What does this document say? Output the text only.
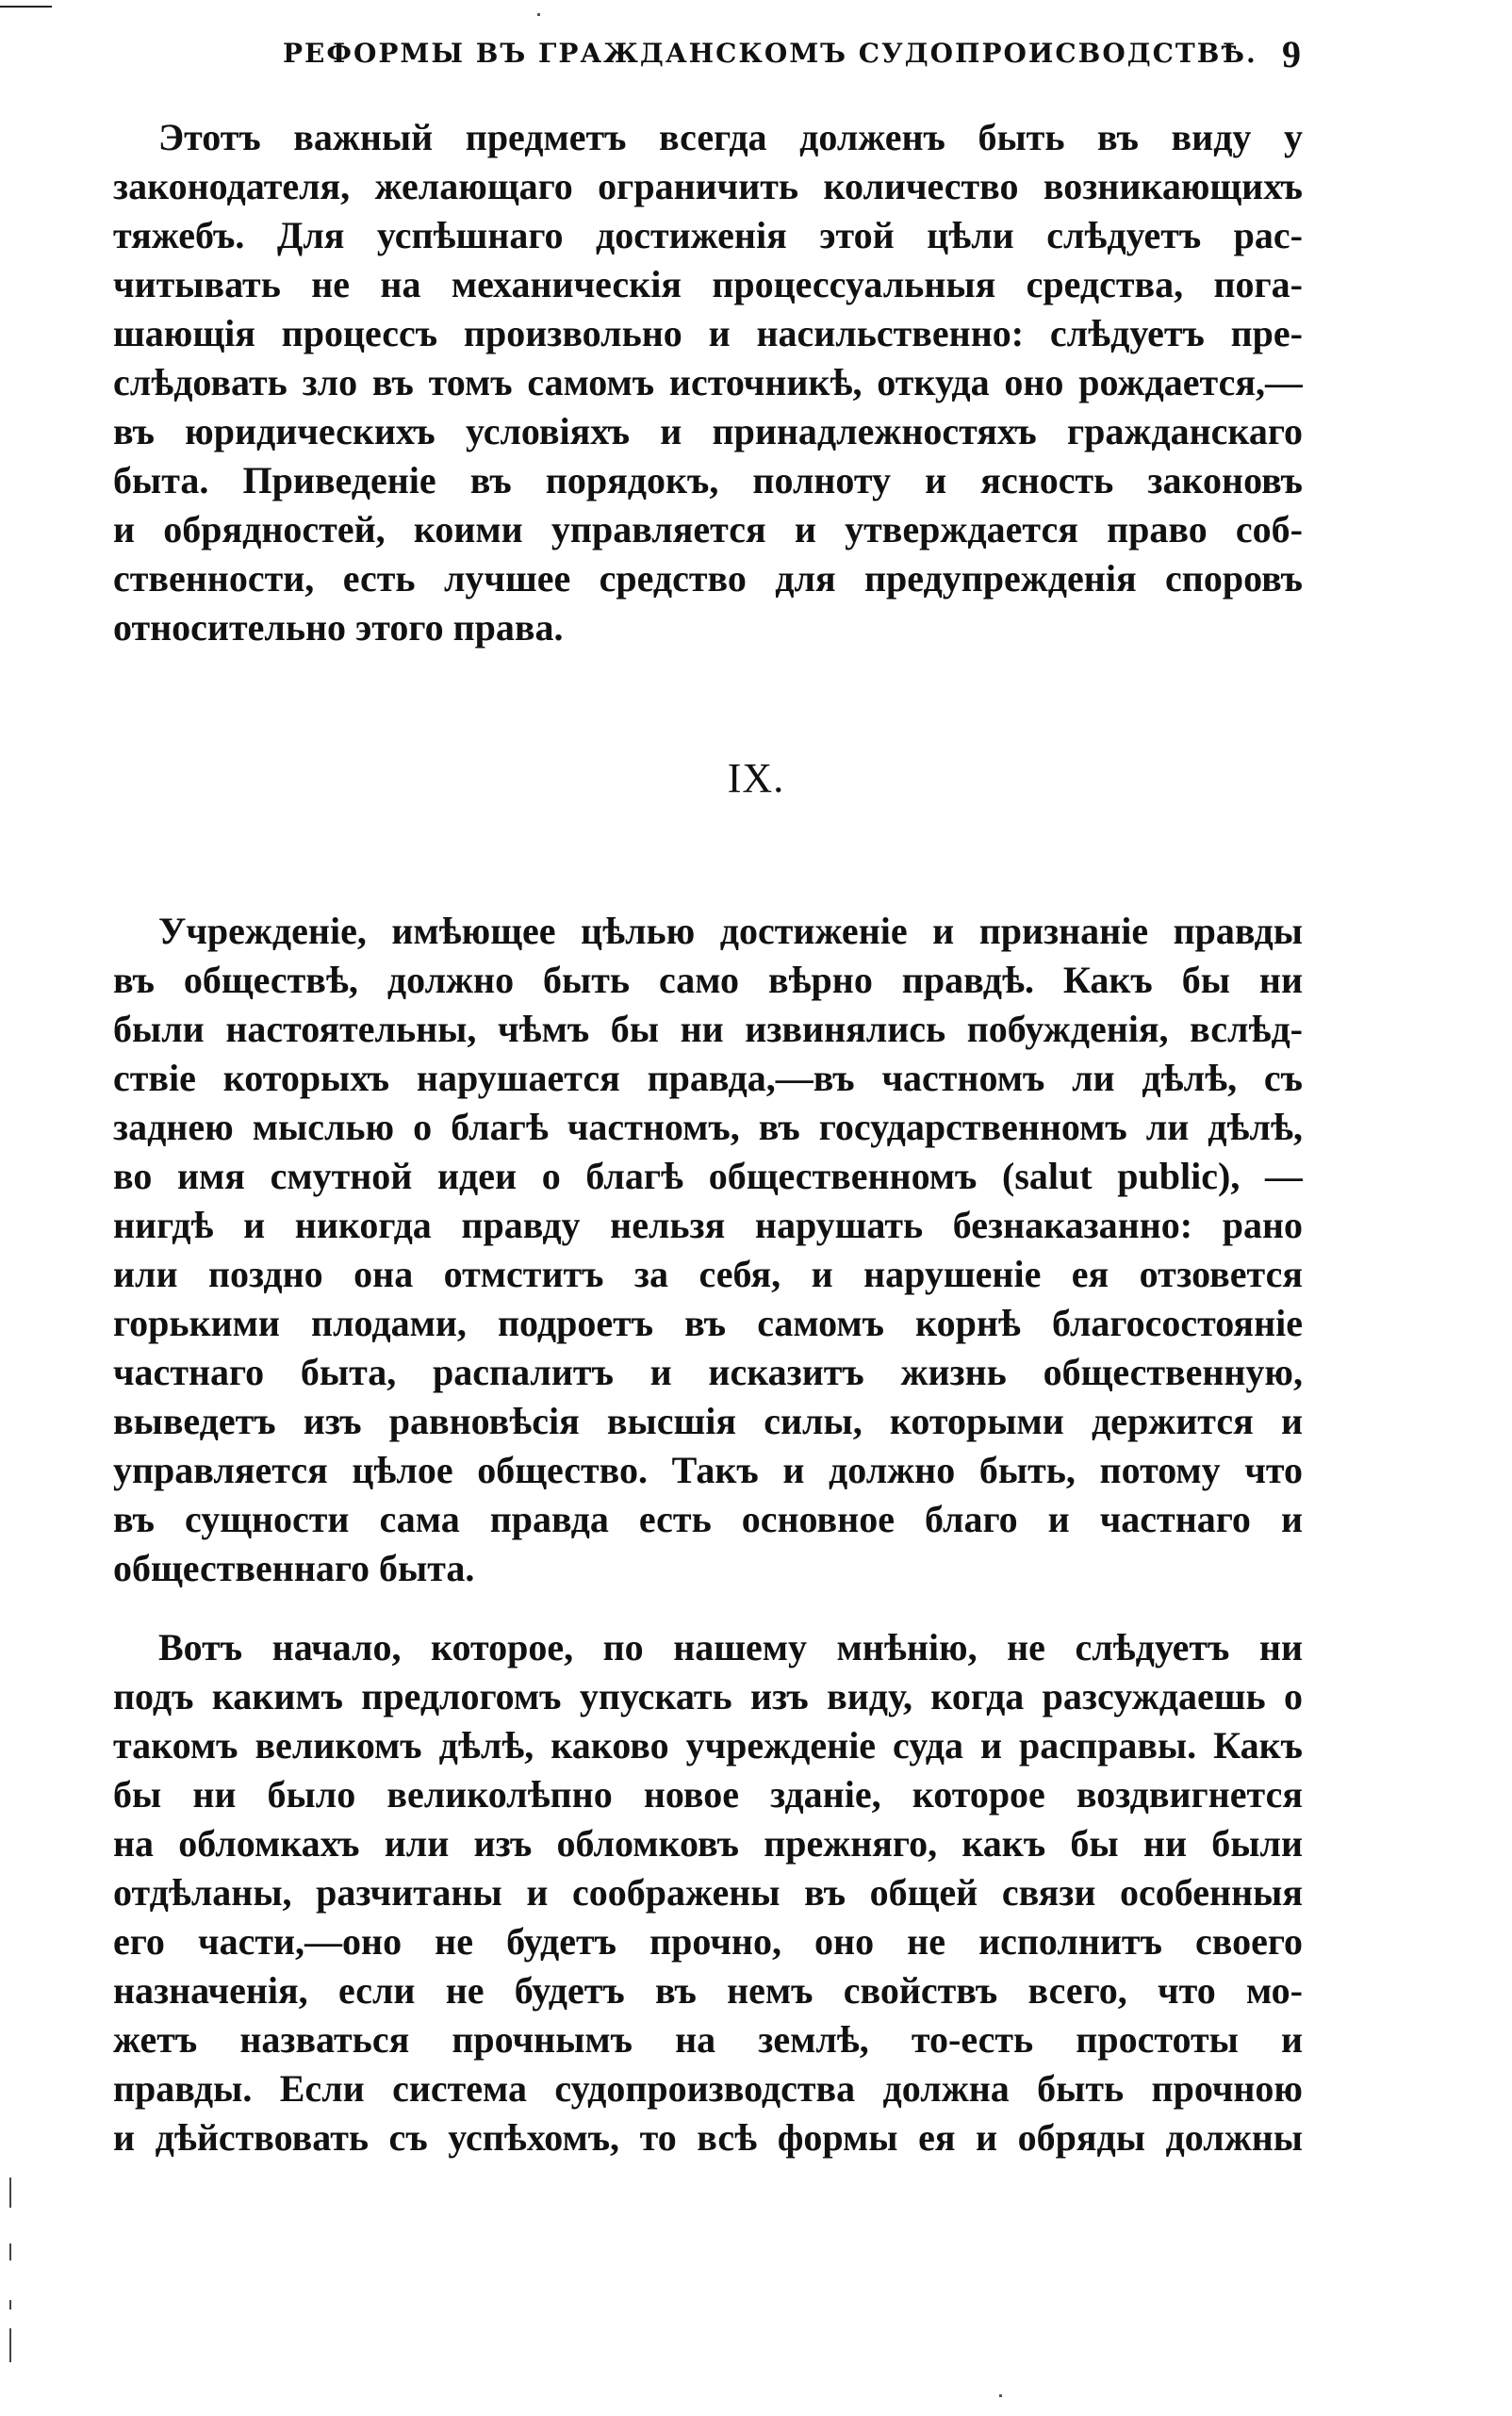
РЕФОРМЫ ВЪ ГРАЖДАНСКОМЪ СУДОПРОИСВОДСТВѢ. 9
Этотъ важный предметъ всегда долженъ быть въ виду у
законодателя, желающаго ограничить количество возникающихъ
тяжебъ. Для успѣшнаго достиженія этой цѣли слѣдуетъ рас-
читывать не на механическія процессуальныя средства, пога-
шающія процессъ произвольно и насильственно: слѣдуетъ пре-
слѣдовать зло въ томъ самомъ источникѣ, откуда оно рождается,—
въ юридическихъ условіяхъ и принадлежностяхъ гражданскаго
быта. Приведеніе въ порядокъ, полноту и ясность законовъ
и обрядностей, коими управляется и утверждается право соб-
ственности, есть лучшее средство для предупрежденія споровъ
относительно этого права.
IX.
Учрежденіе, имѣющее цѣлью достиженіе и признаніе правды
въ обществѣ, должно быть само вѣрно правдѣ. Какъ бы ни
были настоятельны, чѣмъ бы ни извинялись побужденія, вслѣд-
ствіе которыхъ нарушается правда,—въ частномъ ли дѣлѣ, съ
заднею мыслью о благѣ частномъ, въ государственномъ ли дѣлѣ,
во имя смутной идеи о благѣ общественномъ (salut public), —
нигдѣ и никогда правду нельзя нарушать безнаказанно: рано
или поздно она отмститъ за себя, и нарушеніе ея отзовется
горькими плодами, подроетъ въ самомъ корнѣ благосостояніе
частнаго быта, распалитъ и исказитъ жизнь общественную,
выведетъ изъ равновѣсія высшія силы, которыми держится и
управляется цѣлое общество. Такъ и должно быть, потому что
въ сущности сама правда есть основное благо и частнаго и
общественнаго быта.
Вотъ начало, которое, по нашему мнѣнію, не слѣдуетъ ни
подъ какимъ предлогомъ упускать изъ виду, когда разсуждаешь о
такомъ великомъ дѣлѣ, каково учрежденіе суда и расправы. Какъ
бы ни было великолѣпно новое зданіе, которое воздвигнется
на обломкахъ или изъ обломковъ прежняго, какъ бы ни были
отдѣланы, разчитаны и соображены въ общей связи особенныя
его части,—оно не будетъ прочно, оно не исполнитъ своего
назначенія, если не будетъ въ немъ свойствъ всего, что мо-
жетъ назваться прочнымъ на землѣ, то-есть простоты и
правды. Если система судопроизводства должна быть прочною
и дѣйствовать съ успѣхомъ, то всѣ формы ея и обряды должны
